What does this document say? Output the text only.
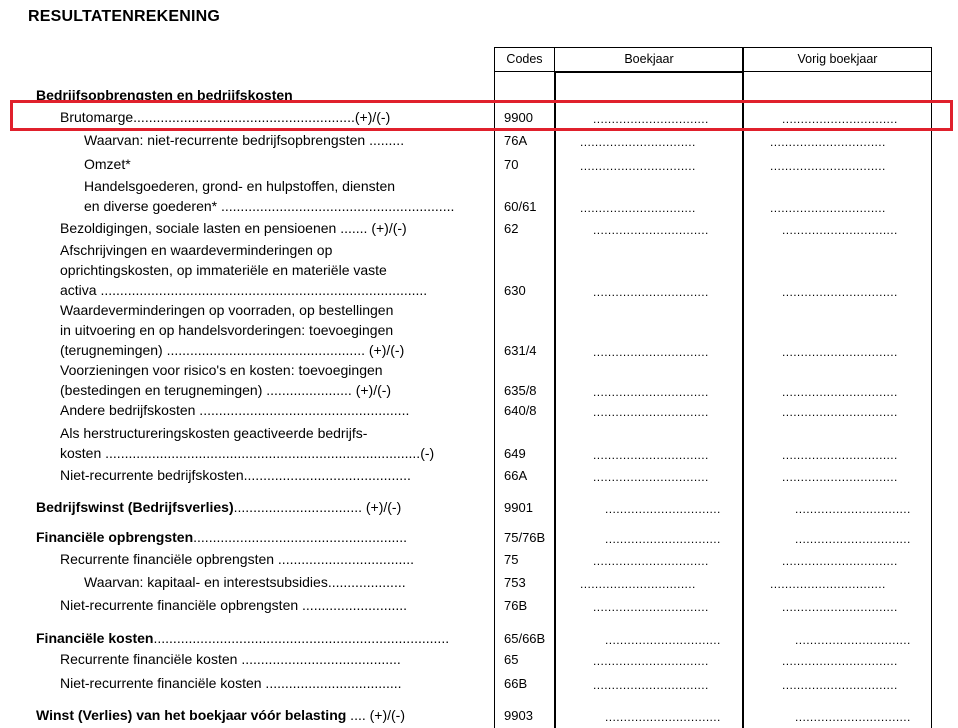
RESULTATENREKENING
Codes	Boekjaar	Vorig boekjaar
Bedrijfsopbrengsten en bedrijfskosten
Brutomarge.........................................................(+)/(-)	9900	...............................	...............................
Waarvan: niet-recurrente bedrijfsopbrengsten .........	76A	...............................	...............................
Omzet*	70	...............................	...............................
Handelsgoederen, grond- en hulpstoffen, diensten
en diverse goederen* ............................................................	60/61	...............................	...............................
Bezoldigingen, sociale lasten en pensioenen ....... (+)/(-)	62	...............................	...............................
Afschrijvingen en waardeverminderingen op
oprichtingskosten, op immateriële en materiële vaste
activa ....................................................................................	630	...............................	...............................
Waardeverminderingen op voorraden, op bestellingen
in uitvoering en op handelsvorderingen: toevoegingen
(terugnemingen) ................................................... (+)/(-)	631/4	...............................	...............................
Voorzieningen voor risico's en kosten: toevoegingen
(bestedingen en terugnemingen) ...................... (+)/(-)	635/8	...............................	...............................
Andere bedrijfskosten ......................................................	640/8	...............................	...............................
Als herstructureringskosten geactiveerde bedrijfs-
kosten .................................................................................(-)	649	...............................	...............................
Niet-recurrente bedrijfskosten...........................................	66A	...............................	...............................
Bedrijfswinst (Bedrijfsverlies)................................. (+)/(-)	9901	...............................	...............................
Financiële opbrengsten.......................................................	75/76B	...............................	...............................
Recurrente financiële opbrengsten ...................................	75	...............................	...............................
Waarvan: kapitaal- en interestsubsidies....................	753	...............................	...............................
Niet-recurrente financiële opbrengsten ...........................	76B	...............................	...............................
Financiële kosten............................................................................	65/66B	...............................	...............................
Recurrente financiële kosten .........................................	65	...............................	...............................
Niet-recurrente financiële kosten ...................................	66B	...............................	...............................
Winst (Verlies) van het boekjaar vóór belasting .... (+)/(-)	9903	...............................	...............................
